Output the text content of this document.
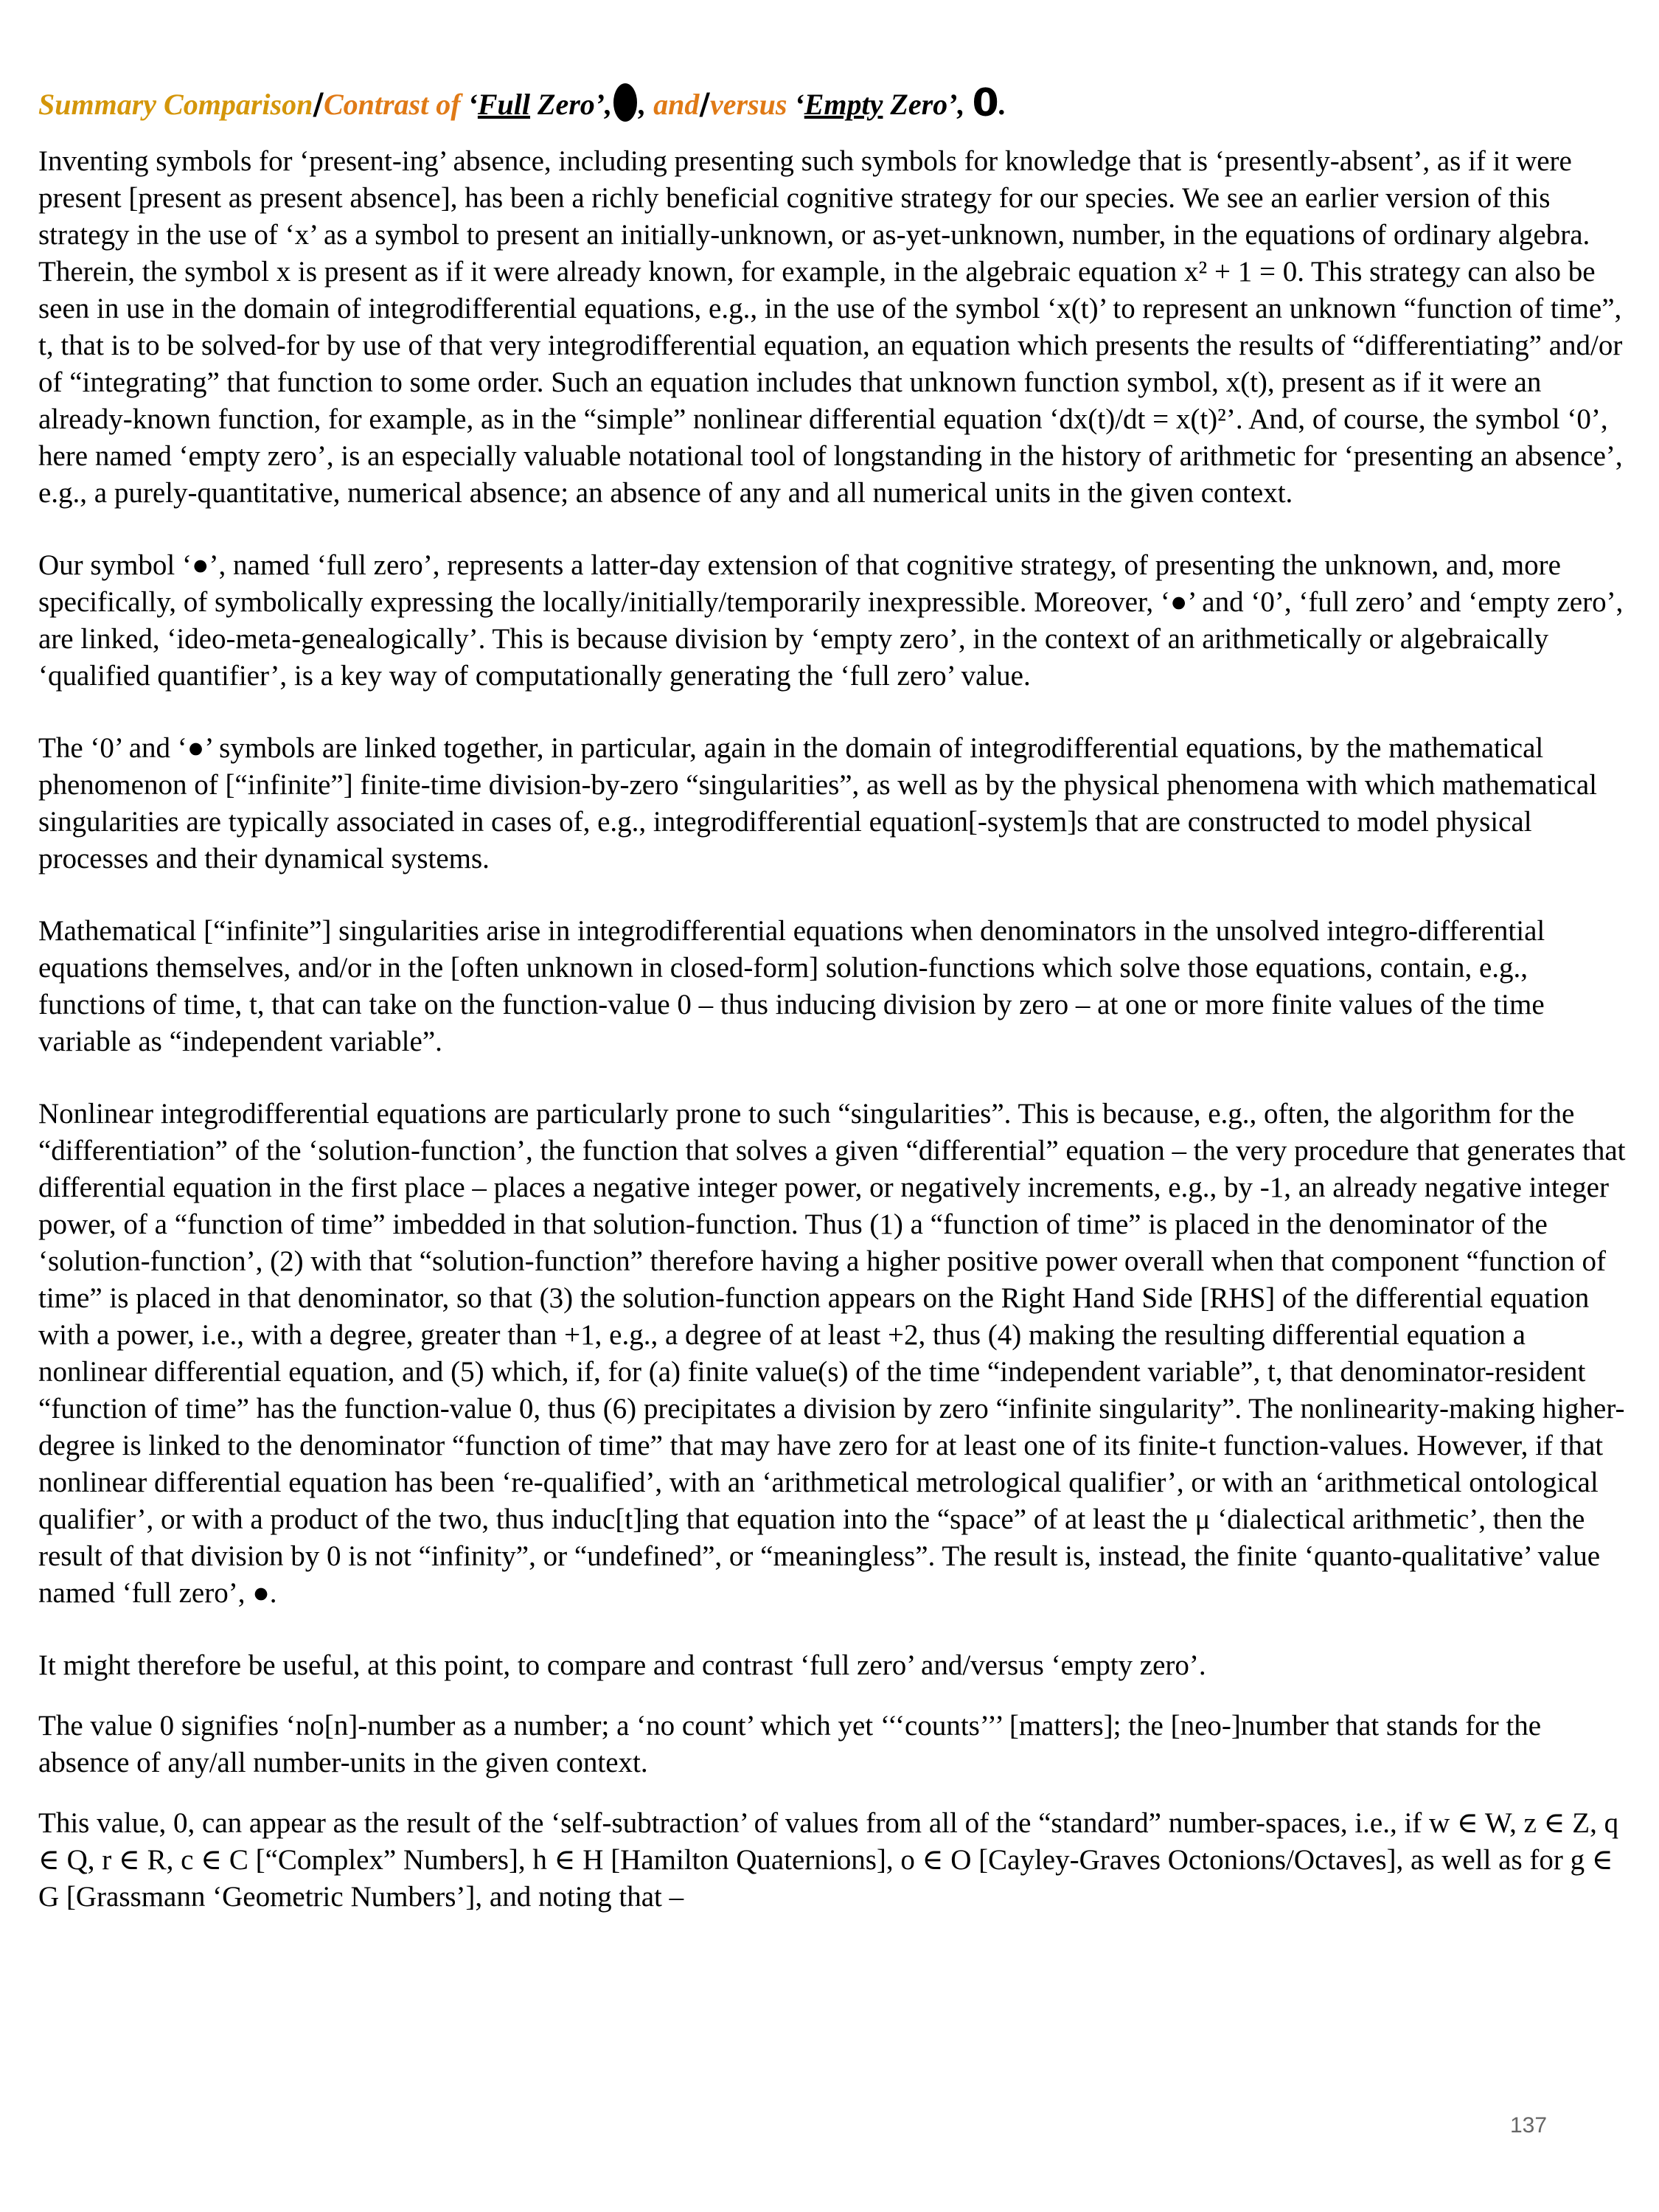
Summary Comparison/Contrast of ‘Full Zero’, , and/versus ‘Empty Zero’, 0.

Inventing symbols for ‘present-ing’ absence, including presenting such symbols for knowledge that is ‘presently-absent’, as if it were present [present as present absence], has been a richly beneficial cognitive strategy for our species. We see an earlier version of this strategy in the use of ‘x’ as a symbol to present an initially-unknown, or as-yet-unknown, number, in the equations of ordinary algebra. Therein, the symbol x is present as if it were already known, for example, in the algebraic equation x² + 1 = 0. This strategy can also be seen in use in the domain of integrodifferential equations, e.g., in the use of the symbol ‘x(t)’ to represent an unknown “function of time”, t, that is to be solved-for by use of that very integrodifferential equation, an equation which presents the results of “differentiating” and/or of “integrating” that function to some order. Such an equation includes that unknown function symbol, x(t), present as if it were an already-known function, for example, as in the “simple” nonlinear differential equation ‘dx(t)/dt = x(t)²’. And, of course, the symbol ‘0’, here named ‘empty zero’, is an especially valuable notational tool of longstanding in the history of arithmetic for ‘presenting an absence’, e.g., a purely-quantitative, numerical absence; an absence of any and all numerical units in the given context.

Our symbol ‘●’, named ‘full zero’, represents a latter-day extension of that cognitive strategy, of presenting the unknown, and, more specifically, of symbolically expressing the locally/initially/temporarily inexpressible. Moreover, ‘●’ and ‘0’, ‘full zero’ and ‘empty zero’, are linked, ‘ideo-meta-genealogically’. This is because division by ‘empty zero’, in the context of an arithmetically or algebraically ‘qualified quantifier’, is a key way of computationally generating the ‘full zero’ value.

The ‘0’ and ‘●’ symbols are linked together, in particular, again in the domain of integrodifferential equations, by the mathematical phenomenon of [“infinite”] finite-time division-by-zero “singularities”, as well as by the physical phenomena with which mathematical singularities are typically associated in cases of, e.g., integrodifferential equation[-system]s that are constructed to model physical processes and their dynamical systems.

Mathematical [“infinite”] singularities arise in integrodifferential equations when denominators in the unsolved integro-differential equations themselves, and/or in the [often unknown in closed-form] solution-functions which solve those equations, contain, e.g., functions of time, t, that can take on the function-value 0 – thus inducing division by zero – at one or more finite values of the time variable as “independent variable”.

Nonlinear integrodifferential equations are particularly prone to such “singularities”. This is because, e.g., often, the algorithm for the “differentiation” of the ‘solution-function’, the function that solves a given “differential” equation – the very procedure that generates that differential equation in the first place – places a negative integer power, or negatively increments, e.g., by -1, an already negative integer power, of a “function of time” imbedded in that solution-function. Thus (1) a “function of time” is placed in the denominator of the ‘solution-function’, (2) with that “solution-function” therefore having a higher positive power overall when that component “function of time” is placed in that denominator, so that (3) the solution-function appears on the Right Hand Side [RHS] of the differential equation with a power, i.e., with a degree, greater than +1, e.g., a degree of at least +2, thus (4) making the resulting differential equation a nonlinear differential equation, and (5) which, if, for (a) finite value(s) of the time “independent variable”, t, that denominator-resident “function of time” has the function-value 0, thus (6) precipitates a division by zero “infinite singularity”. The nonlinearity-making higher-degree is linked to the denominator “function of time” that may have zero for at least one of its finite-t function-values. However, if that nonlinear differential equation has been ‘re-qualified’, with an ‘arithmetical metrological qualifier’, or with an ‘arithmetical ontological qualifier’, or with a product of the two, thus induc[t]ing that equation into the “space” of at least the μ ‘dialectical arithmetic’, then the result of that division by 0 is not “infinity”, or “undefined”, or “meaningless”. The result is, instead, the finite ‘quanto-qualitative’ value named ‘full zero’, ●.

It might therefore be useful, at this point, to compare and contrast ‘full zero’ and/versus ‘empty zero’.

The value 0 signifies ‘no[n]-number as a number; a ‘no count’ which yet ‘‘‘counts’’’ [matters]; the [neo-]number that stands for the absence of any/all number-units in the given context.

This value, 0, can appear as the result of the ‘self-subtraction’ of values from all of the “standard” number-spaces, i.e., if w ∈ W, z ∈ Z, q ∈ Q, r ∈ R, c ∈ C [“Complex” Numbers], h ∈ H [Hamilton Quaternions], o ∈ O [Cayley-Graves Octonions/Octaves], as well as for g ∈ G [Grassmann ‘Geometric Numbers’], and noting that –

137
